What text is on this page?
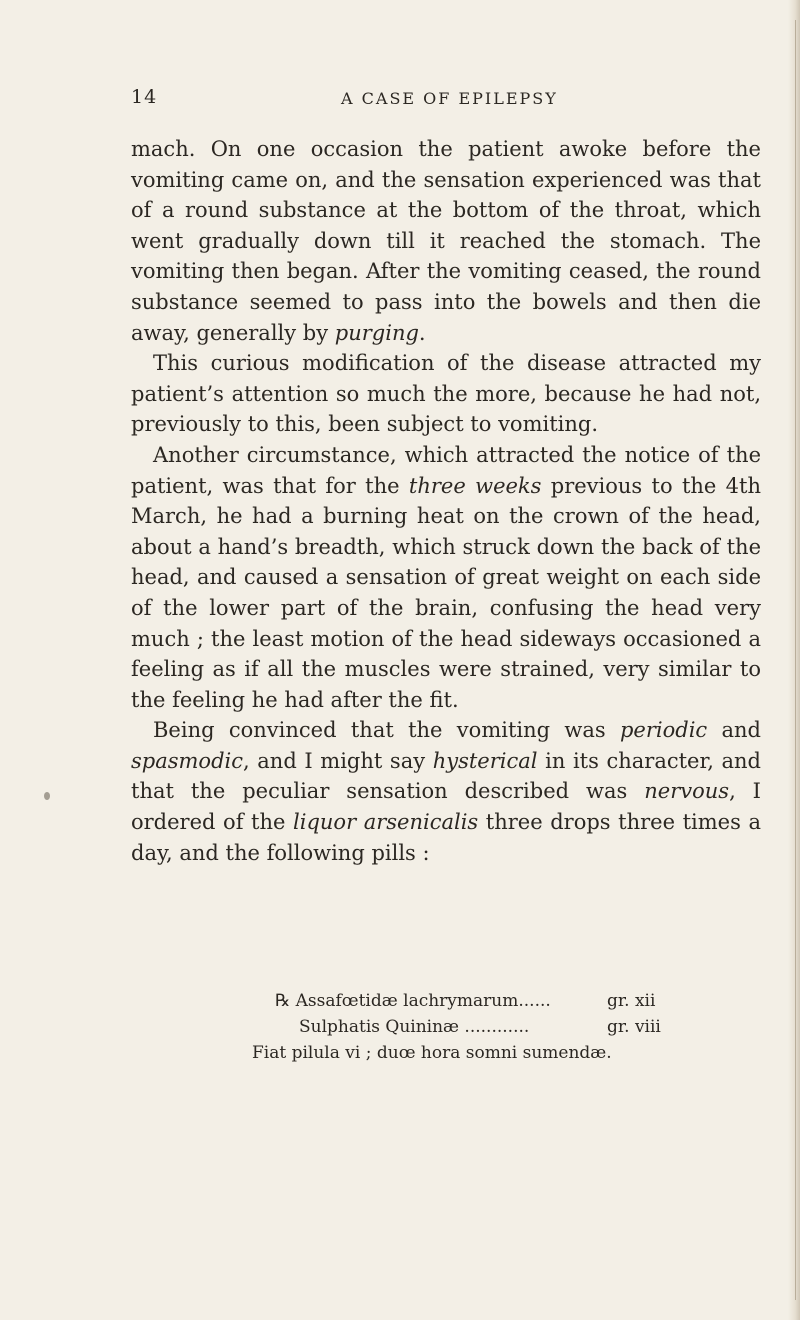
14	A CASE OF EPILEPSY

mach. On one occasion the patient awoke before the vomiting came on, and the sensation experienced was that of a round substance at the bottom of the throat, which went gradually down till it reached the stomach. The vomiting then began. After the vomiting ceased, the round substance seemed to pass into the bowels and then die away, generally by purging.

This curious modification of the disease attracted my patient’s attention so much the more, because he had not, previously to this, been subject to vomiting.

Another circumstance, which attracted the notice of the patient, was that for the three weeks previous to the 4th March, he had a burning heat on the crown of the head, about a hand’s breadth, which struck down the back of the head, and caused a sensation of great weight on each side of the lower part of the brain, confusing the head very much ; the least motion of the head sideways occasioned a feeling as if all the muscles were strained, very similar to the feeling he had after the fit.

Being convinced that the vomiting was periodic and spasmodic, and I might say hysterical in its character, and that the peculiar sensation described was nervous, I ordered of the liquor arsenicalis three drops three times a day, and the following pills :

℞ Assafœtidæ lachrymarum......	gr. xii
Sulphatis Quininæ ............	gr. viii
Fiat pilula vi ; duœ hora somni sumendæ.
